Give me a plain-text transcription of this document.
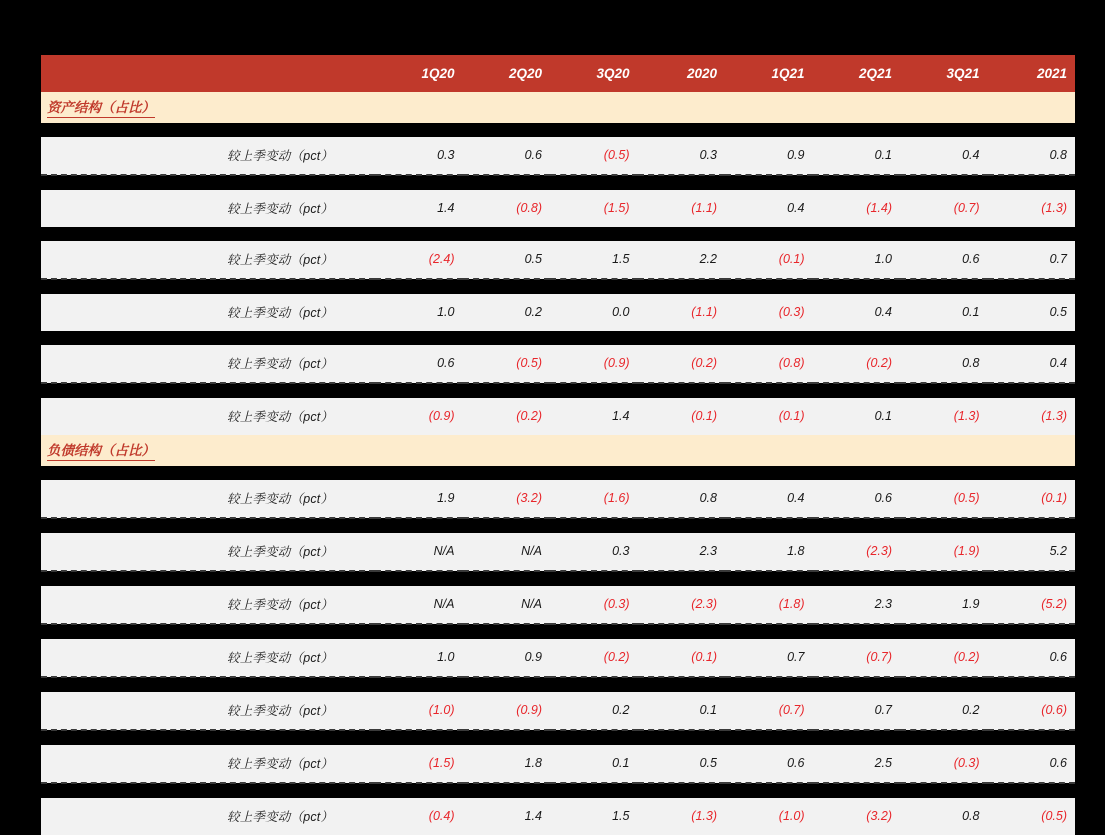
	1Q20	2Q20	3Q20	2020	1Q21	2Q21	3Q21	2021
资产结构（占比）								

较上季变动（pct）	0.3	0.6	(0.5)	0.3	0.9	0.1	0.4	0.8

较上季变动（pct）	1.4	(0.8)	(1.5)	(1.1)	0.4	(1.4)	(0.7)	(1.3)

较上季变动（pct）	(2.4)	0.5	1.5	2.2	(0.1)	1.0	0.6	0.7

较上季变动（pct）	1.0	0.2	0.0	(1.1)	(0.3)	0.4	0.1	0.5

较上季变动（pct）	0.6	(0.5)	(0.9)	(0.2)	(0.8)	(0.2)	0.8	0.4

较上季变动（pct）	(0.9)	(0.2)	1.4	(0.1)	(0.1)	0.1	(1.3)	(1.3)
负债结构（占比）								

较上季变动（pct）	1.9	(3.2)	(1.6)	0.8	0.4	0.6	(0.5)	(0.1)

较上季变动（pct）	N/A	N/A	0.3	2.3	1.8	(2.3)	(1.9)	5.2

较上季变动（pct）	N/A	N/A	(0.3)	(2.3)	(1.8)	2.3	1.9	(5.2)

较上季变动（pct）	1.0	0.9	(0.2)	(0.1)	0.7	(0.7)	(0.2)	0.6

较上季变动（pct）	(1.0)	(0.9)	0.2	0.1	(0.7)	0.7	0.2	(0.6)

较上季变动（pct）	(1.5)	1.8	0.1	0.5	0.6	2.5	(0.3)	0.6

较上季变动（pct）	(0.4)	1.4	1.5	(1.3)	(1.0)	(3.2)	0.8	(0.5)
